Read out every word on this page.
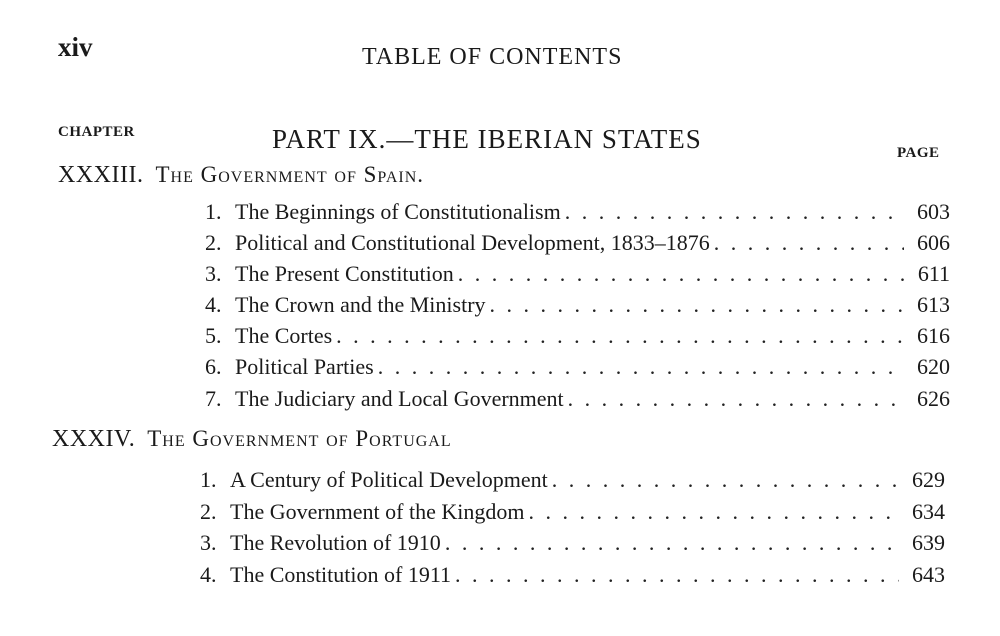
xiv	TABLE OF CONTENTS
CHAPTER	PART IX.—THE IBERIAN STATES	PAGE
XXXIII. The Government of Spain.
1. The Beginnings of Constitutionalism . . .	603
2. Political and Constitutional Development, 1833–1876 . . .	606
3. The Present Constitution . . .	611
4. The Crown and the Ministry . . .	613
5. The Cortes . . .	616
6. Political Parties . . .	620
7. The Judiciary and Local Government . . .	626
XXXIV. The Government of Portugal
1. A Century of Political Development . . .	629
2. The Government of the Kingdom . . .	634
3. The Revolution of 1910 . . .	639
4. The Constitution of 1911 . . .	643
